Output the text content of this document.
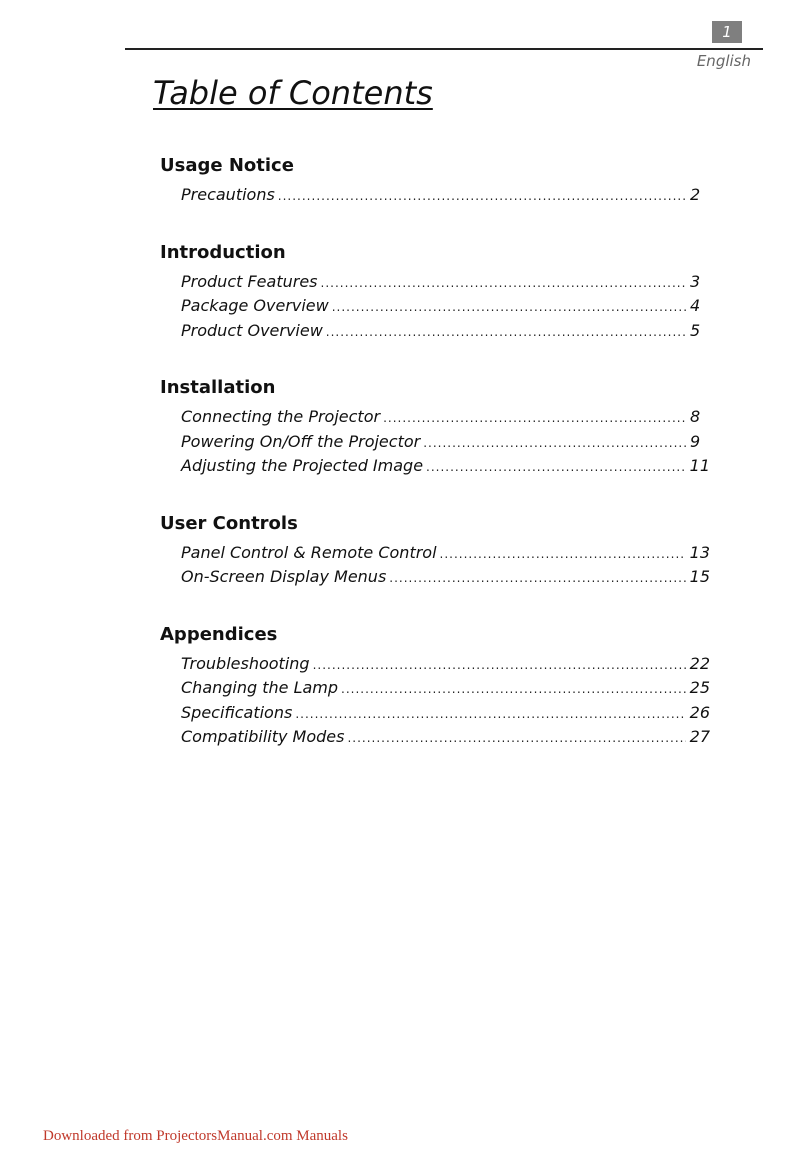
1
English
Table of Contents
Usage Notice
Precautions .....	2
Introduction
Product Features .....	3
Package Overview .....	4
Product Overview .....	5
Installation
Connecting the Projector .....	8
Powering On/Off the Projector .....	9
Adjusting the Projected Image .....	11
User Controls
Panel Control & Remote Control .....	13
On-Screen Display Menus .....	15
Appendices
Troubleshooting .....	22
Changing the Lamp .....	25
Specifications .....	26
Compatibility Modes .....	27
Downloaded from ProjectorsManual.com Manuals
